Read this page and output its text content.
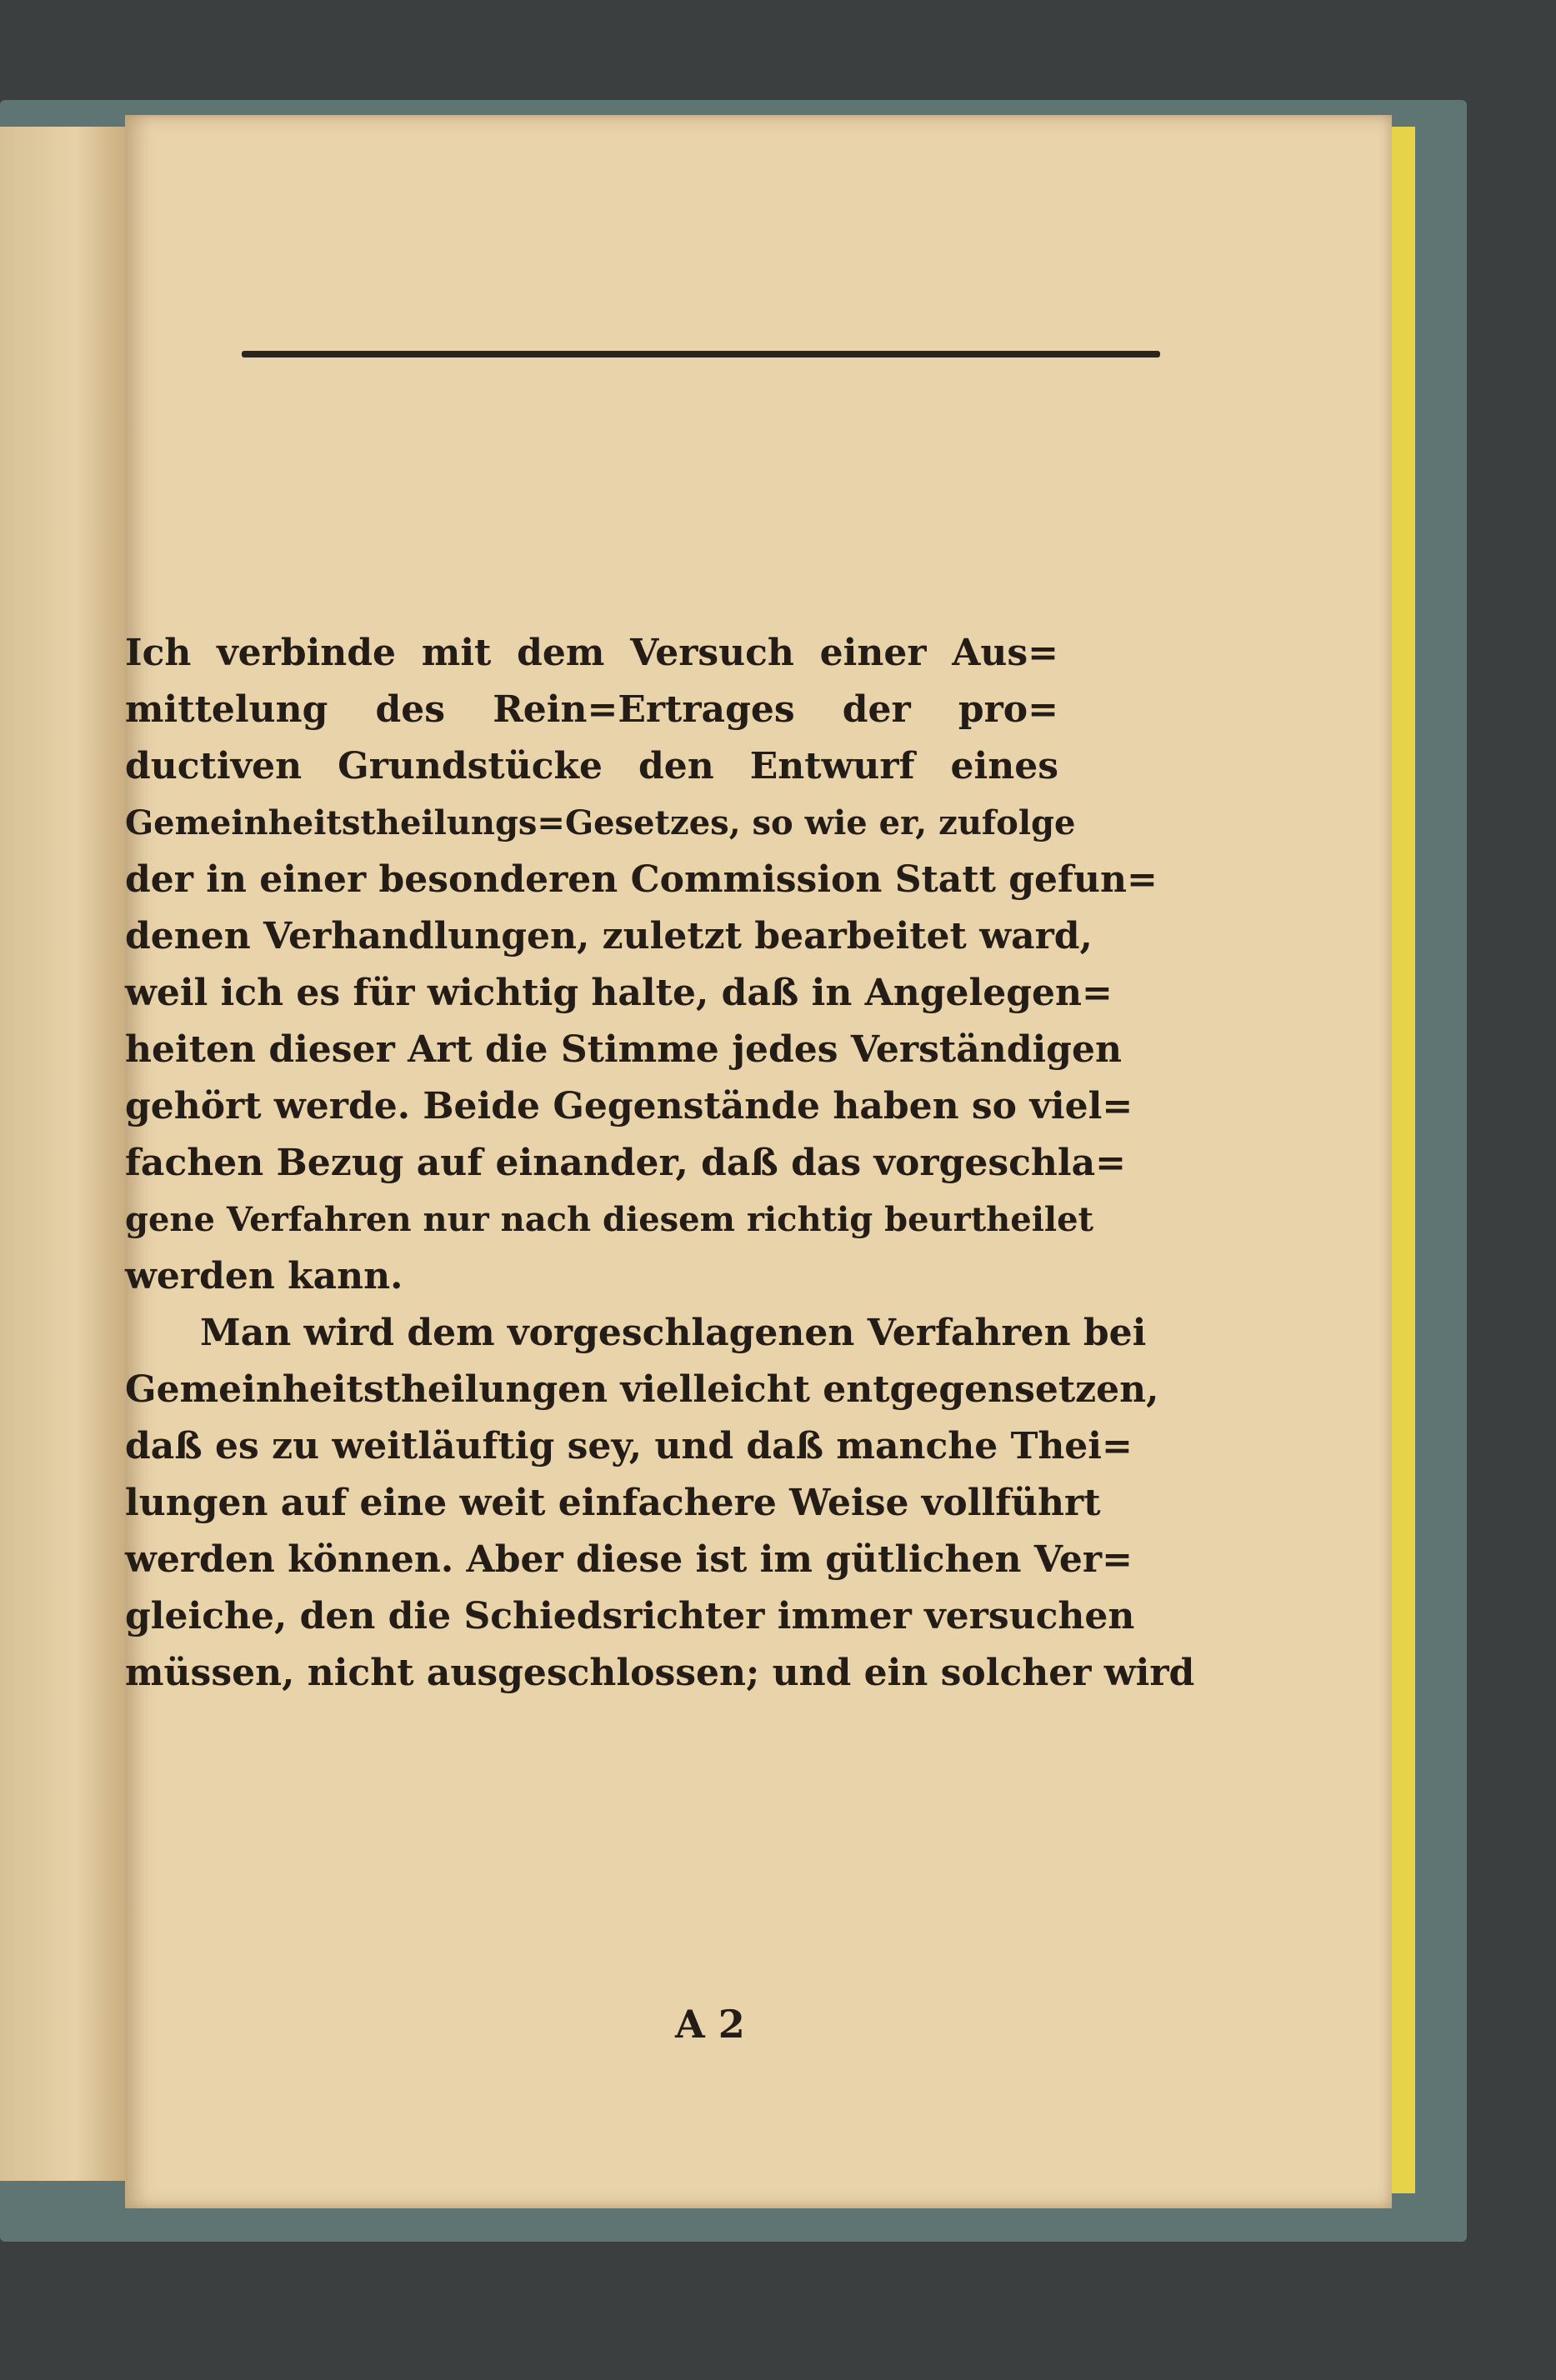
Ich verbinde mit dem Versuch einer Aus=
mittelung des Rein=Ertrages der pro=
ductiven Grundstücke den Entwurf eines
Gemeinheitstheilungs=Gesetzes, so wie er, zufolge
der in einer besonderen Commission Statt gefun=
denen Verhandlungen, zuletzt bearbeitet ward,
weil ich es für wichtig halte, daß in Angelegen=
heiten dieser Art die Stimme jedes Verständigen
gehört werde. Beide Gegenstände haben so viel=
fachen Bezug auf einander, daß das vorgeschla=
gene Verfahren nur nach diesem richtig beurtheilet
werden kann.
Man wird dem vorgeschlagenen Verfahren bei
Gemeinheitstheilungen vielleicht entgegensetzen,
daß es zu weitläuftig sey, und daß manche Thei=
lungen auf eine weit einfachere Weise vollführt
werden können. Aber diese ist im gütlichen Ver=
gleiche, den die Schiedsrichter immer versuchen
müssen, nicht ausgeschlossen; und ein solcher wird
A 2
